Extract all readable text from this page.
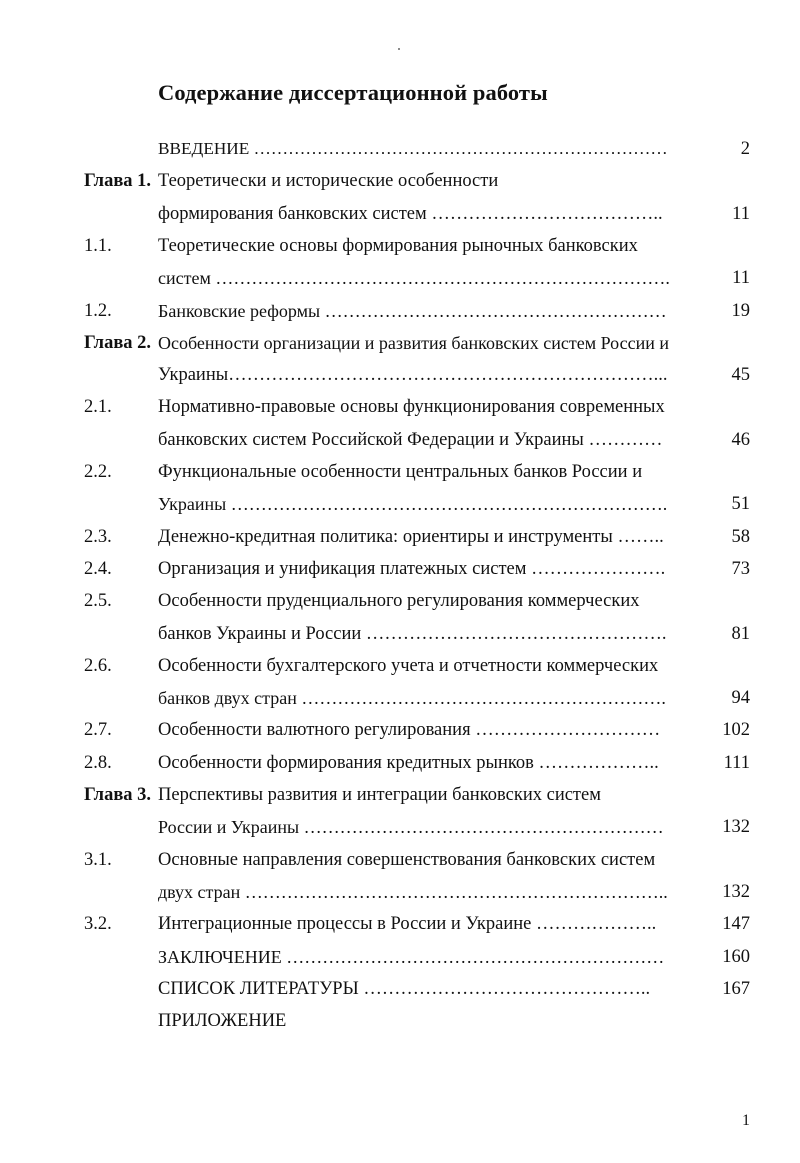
Содержание диссертационной работы
ВВЕДЕНИЕ ………………………………………………………………	2
Глава 1. Теоретически и исторические особенности
формирования банковских систем ………………………………..	11
1.1.	Теоретические основы формирования рыночных банковских
систем ………………………………………………………………….	11
1.2.	Банковские реформы …………………………………………………	19
Глава 2. Особенности организации и развития банковских систем России и
Украины……………………………………………………………...	45
2.1.	Нормативно-правовые основы функционирования современных
банковских систем Российской Федерации и Украины …………	46
2.2.	Функциональные особенности центральных банков России и
Украины ……………………………………………………………….	51
2.3.	Денежно-кредитная политика: ориентиры и инструменты ……..	58
2.4.	Организация и унификация платежных систем ………………….	73
2.5.	Особенности пруденциального регулирования коммерческих
банков Украины и России ………………………………………….	81
2.6.	Особенности бухгалтерского учета и отчетности коммерческих
банков двух стран …………………………………………………….	94
2.7.	Особенности валютного регулирования …………………………	102
2.8.	Особенности формирования кредитных рынков ………………..	111
Глава 3. Перспективы развития и интеграции банковских систем
России и Украины ……………………………………………………	132
3.1.	Основные направления совершенствования банковских систем
двух стран ……………………………………………………………..	132
3.2.	Интеграционные процессы в России и Украине ………………..	147
ЗАКЛЮЧЕНИЕ ………………………………………………………	160
СПИСОК ЛИТЕРАТУРЫ ………………………………………..	167
ПРИЛОЖЕНИЕ
1
